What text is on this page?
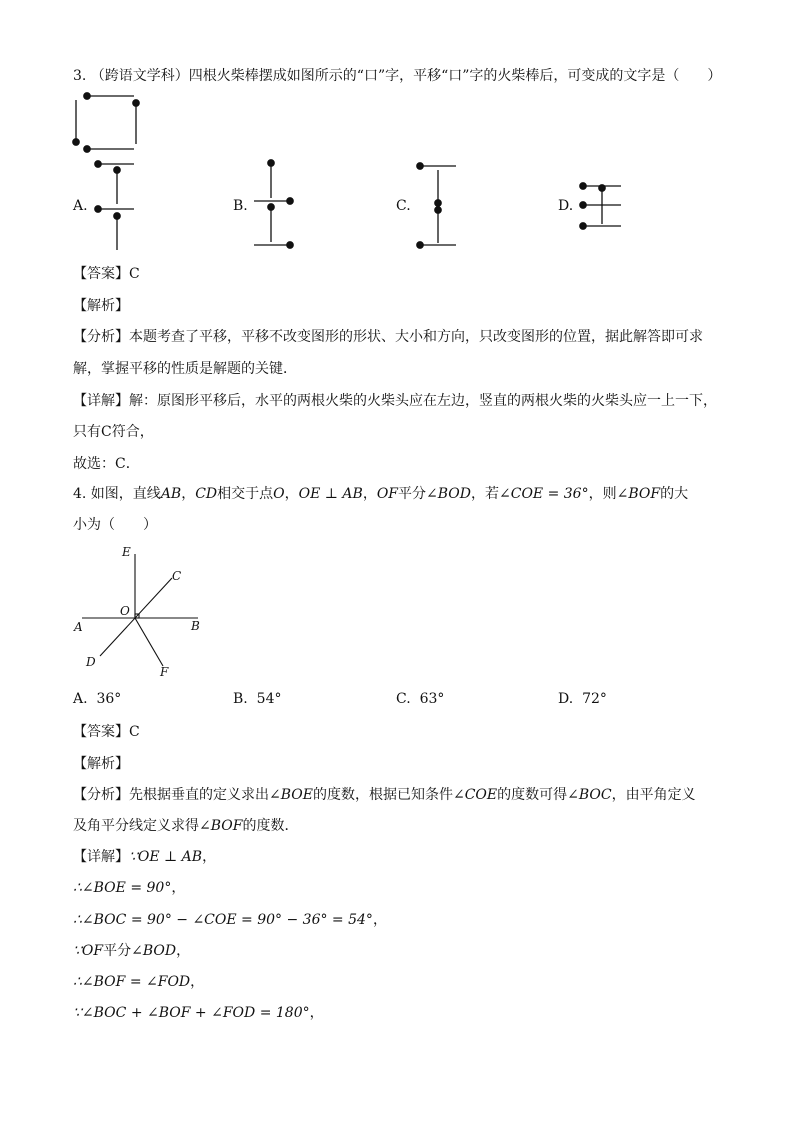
3. （跨语文学科）四根火柴棒摆成如图所示的“口”字，平移“口”字的火柴棒后，可变成的文字是（　　）
A.	B.	C.	D.
【答案】C
【解析】
【分析】本题考查了平移，平移不改变图形的形状、大小和方向，只改变图形的位置，据此解答即可求
解，掌握平移的性质是解题的关键．
【详解】解：原图形平移后，水平的两根火柴的火柴头应在左边，竖直的两根火柴的火柴头应一上一下，
只有C符合，
故选：C．
4. 如图，直线AB，CD相交于点O，OE ⊥ AB，OF平分∠BOD，若∠COE = 36°，则∠BOF的大
小为（　　）
E
C
O
A	B
D
F
A. 36°	B. 54°	C. 63°	D. 72°
【答案】C
【解析】
【分析】先根据垂直的定义求出∠BOE的度数，根据已知条件∠COE的度数可得∠BOC，由平角定义
及角平分线定义求得∠BOF的度数．
【详解】∵OE ⊥ AB，
∴∠BOE = 90°，
∴∠BOC = 90° − ∠COE = 90° − 36° = 54°，
∵OF平分∠BOD，
∴∠BOF = ∠FOD，
∵∠BOC + ∠BOF + ∠FOD = 180°，
